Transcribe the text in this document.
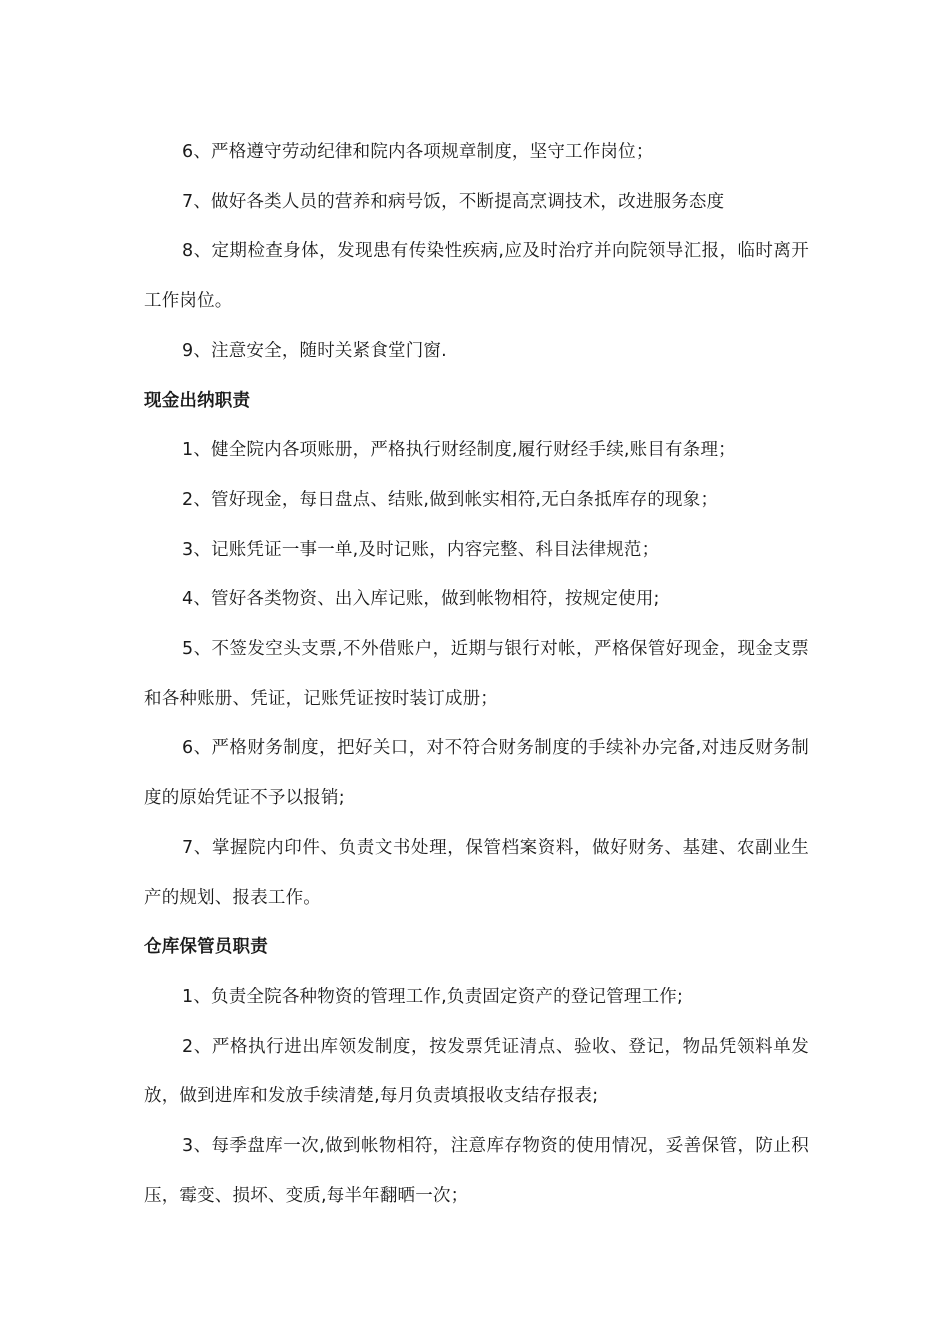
6、严格遵守劳动纪律和院内各项规章制度，坚守工作岗位；

7、做好各类人员的营养和病号饭，不断提高烹调技术，改进服务态度

8、定期检查身体，发现患有传染性疾病,应及时治疗并向院领导汇报，临时离开工作岗位。

9、注意安全，随时关紧食堂门窗.

现金出纳职责

1、健全院内各项账册，严格执行财经制度,履行财经手续,账目有条理；

2、管好现金，每日盘点、结账,做到帐实相符,无白条抵库存的现象；

3、记账凭证一事一单,及时记账，内容完整、科目法律规范；

4、管好各类物资、出入库记账，做到帐物相符，按规定使用;

5、不签发空头支票,不外借账户，近期与银行对帐，严格保管好现金，现金支票和各种账册、凭证，记账凭证按时装订成册；

6、严格财务制度，把好关口，对不符合财务制度的手续补办完备,对违反财务制度的原始凭证不予以报销;

7、掌握院内印件、负责文书处理，保管档案资料，做好财务、基建、农副业生产的规划、报表工作。

仓库保管员职责

1、负责全院各种物资的管理工作,负责固定资产的登记管理工作;

2、严格执行进出库领发制度，按发票凭证清点、验收、登记，物品凭领料单发放，做到进库和发放手续清楚,每月负责填报收支结存报表;

3、每季盘库一次,做到帐物相符，注意库存物资的使用情况，妥善保管，防止积压，霉变、损坏、变质,每半年翻晒一次；
